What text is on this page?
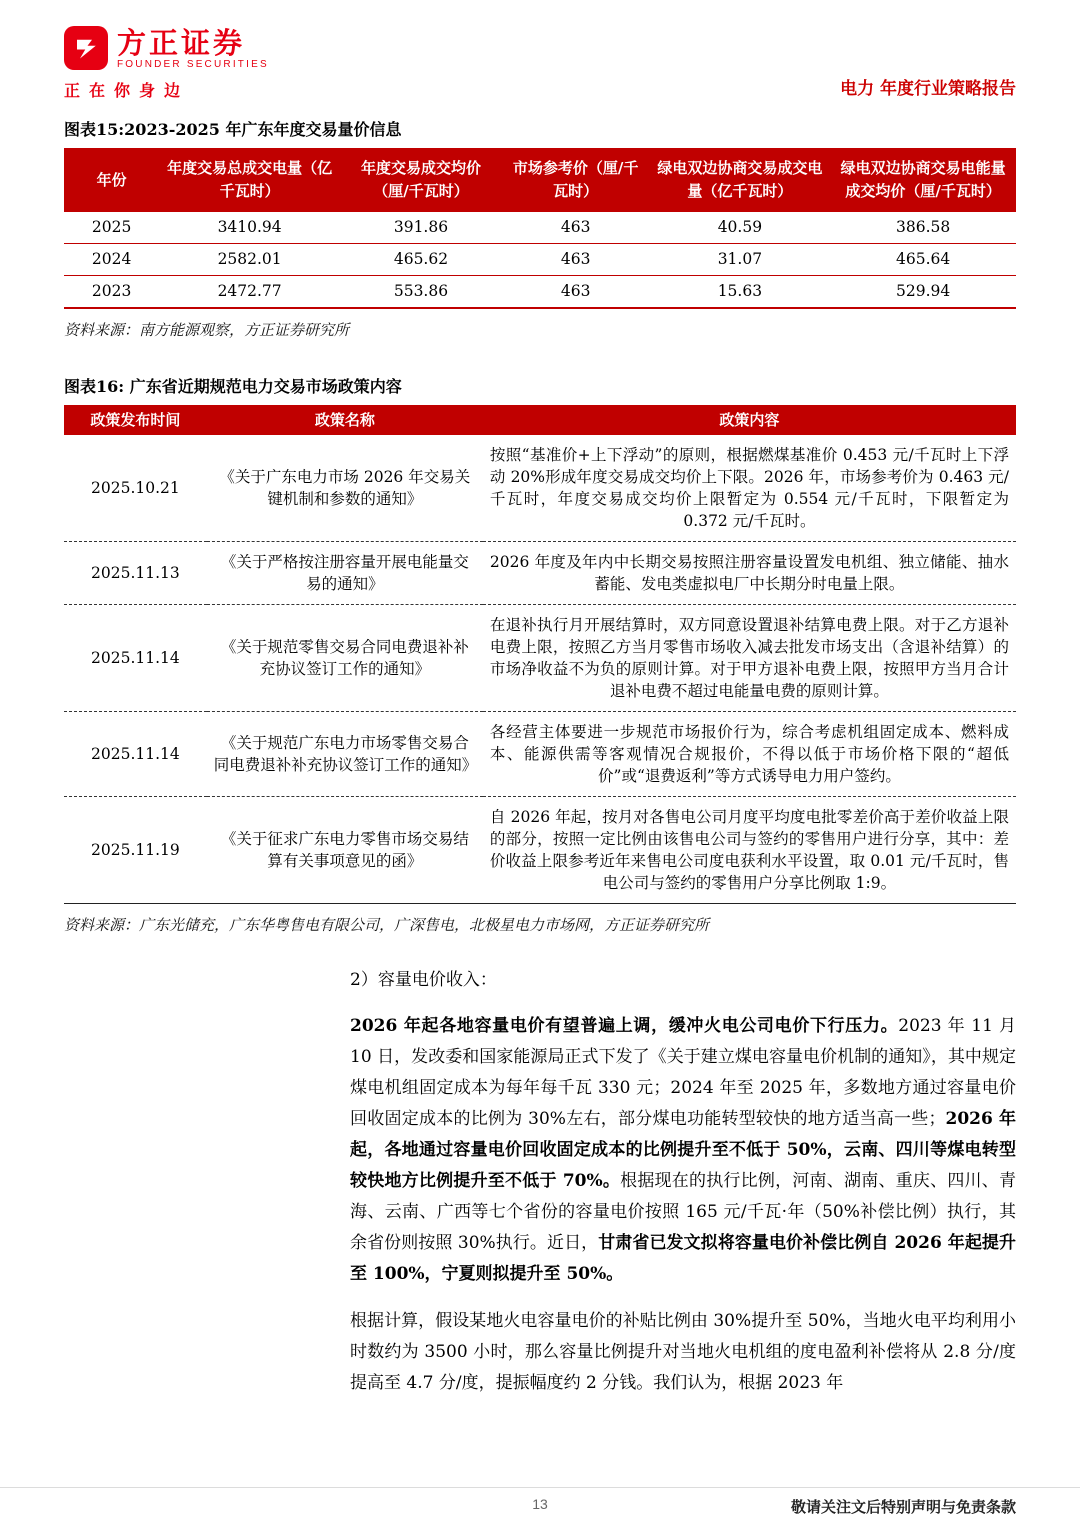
方正证券
FOUNDER SECURITIES
正在你身边	电力 年度行业策略报告
图表15:2023-2025 年广东年度交易量价信息
年份	年度交易总成交电量（亿千瓦时）	年度交易成交均价（厘/千瓦时）	市场参考价（厘/千瓦时）	绿电双边协商交易成交电量（亿千瓦时）	绿电双边协商交易电能量成交均价（厘/千瓦时）
2025	3410.94	391.86	463	40.59	386.58
2024	2582.01	465.62	463	31.07	465.64
2023	2472.77	553.86	463	15.63	529.94
资料来源：南方能源观察，方正证券研究所
图表16: 广东省近期规范电力交易市场政策内容
政策发布时间	政策名称	政策内容
2025.10.21	《关于广东电力市场 2026 年交易关键机制和参数的通知》	按照“基准价+上下浮动”的原则，根据燃煤基准价 0.453 元/千瓦时上下浮动 20%形成年度交易成交均价上下限。2026 年，市场参考价为 0.463 元/千瓦时，年度交易成交均价上限暂定为 0.554 元/千瓦时，下限暂定为 0.372 元/千瓦时。
2025.11.13	《关于严格按注册容量开展电能量交易的通知》	2026 年度及年内中长期交易按照注册容量设置发电机组、独立储能、抽水蓄能、发电类虚拟电厂中长期分时电量上限。
2025.11.14	《关于规范零售交易合同电费退补补充协议签订工作的通知》	在退补执行月开展结算时，双方同意设置退补结算电费上限。对于乙方退补电费上限，按照乙方当月零售市场收入减去批发市场支出（含退补结算）的市场净收益不为负的原则计算。对于甲方退补电费上限，按照甲方当月合计退补电费不超过电能量电费的原则计算。
2025.11.14	《关于规范广东电力市场零售交易合同电费退补补充协议签订工作的通知》	各经营主体要进一步规范市场报价行为，综合考虑机组固定成本、燃料成本、能源供需等客观情况合规报价，不得以低于市场价格下限的“超低价”或“退费返利”等方式诱导电力用户签约。
2025.11.19	《关于征求广东电力零售市场交易结算有关事项意见的函》	自 2026 年起，按月对各售电公司月度平均度电批零差价高于差价收益上限的部分，按照一定比例由该售电公司与签约的零售用户进行分享，其中：差价收益上限参考近年来售电公司度电获利水平设置，取 0.01 元/千瓦时，售电公司与签约的零售用户分享比例取 1:9。
资料来源：广东光储充，广东华粤售电有限公司，广深售电，北极星电力市场网，方正证券研究所
2）容量电价收入：

2026 年起各地容量电价有望普遍上调，缓冲火电公司电价下行压力。2023 年 11 月 10 日，发改委和国家能源局正式下发了《关于建立煤电容量电价机制的通知》，其中规定煤电机组固定成本为每年每千瓦 330 元；2024 年至 2025 年，多数地方通过容量电价回收固定成本的比例为 30%左右，部分煤电功能转型较快的地方适当高一些；2026 年起，各地通过容量电价回收固定成本的比例提升至不低于 50%，云南、四川等煤电转型较快地方比例提升至不低于 70%。根据现在的执行比例，河南、湖南、重庆、四川、青海、云南、广西等七个省份的容量电价按照 165 元/千瓦·年（50%补偿比例）执行，其余省份则按照 30%执行。近日，甘肃省已发文拟将容量电价补偿比例自 2026 年起提升至 100%，宁夏则拟提升至 50%。

根据计算，假设某地火电容量电价的补贴比例由 30%提升至 50%，当地火电平均利用小时数约为 3500 小时，那么容量比例提升对当地火电机组的度电盈利补偿将从 2.8 分/度提高至 4.7 分/度，提振幅度约 2 分钱。我们认为，根据 2023 年

13	敬请关注文后特别声明与免责条款
